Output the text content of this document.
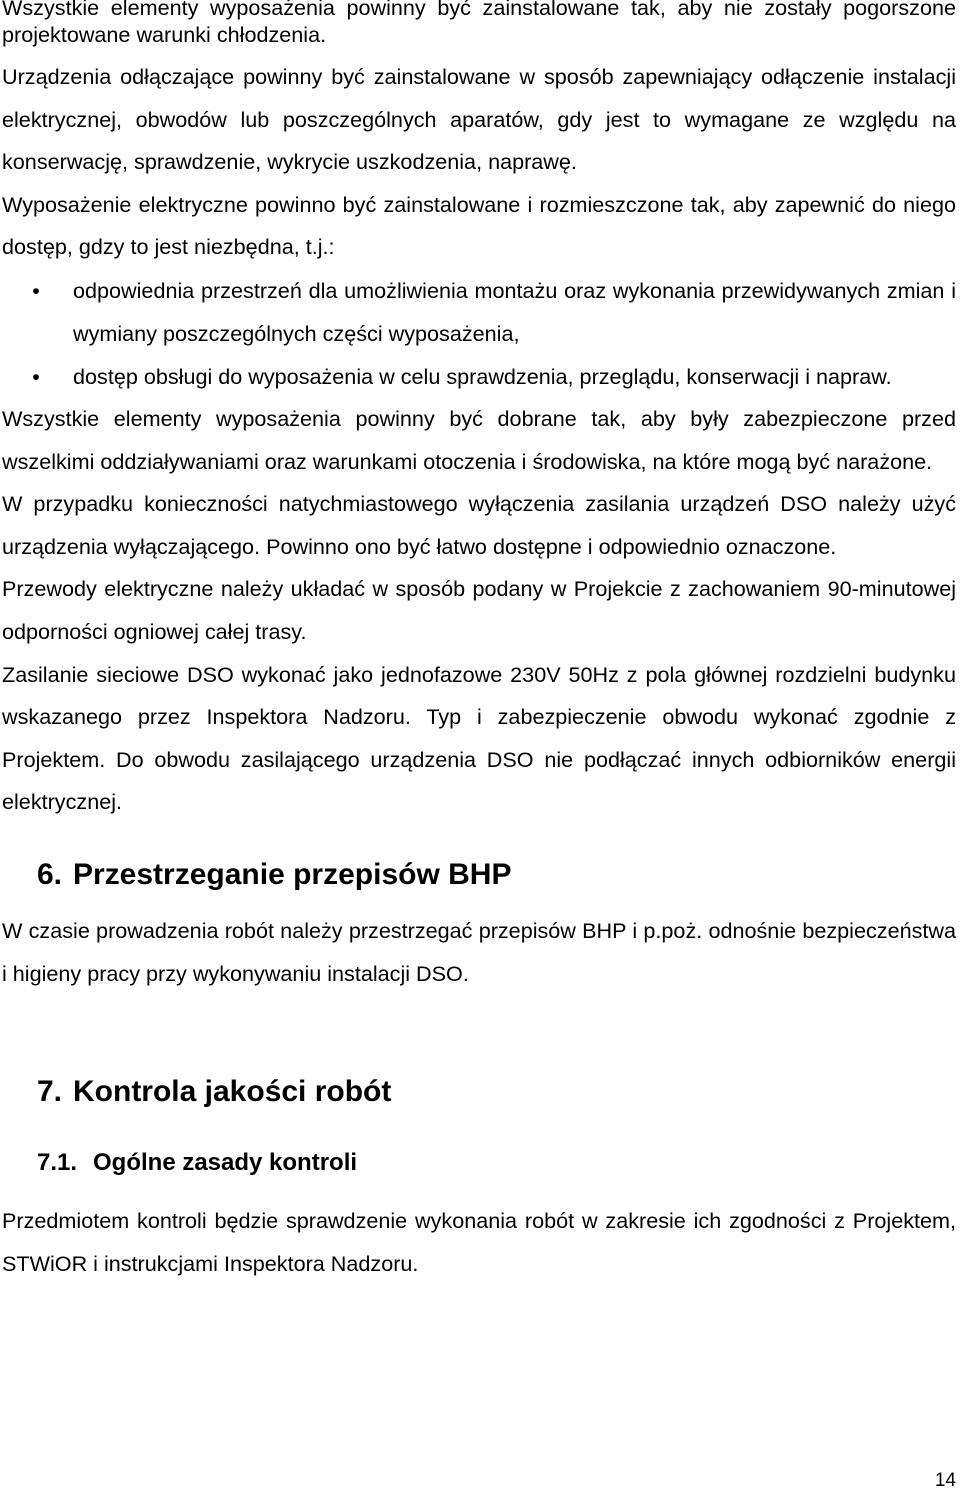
Wszystkie elementy wyposażenia powinny być zainstalowane tak, aby nie zostały pogorszone projektowane warunki chłodzenia.

Urządzenia odłączające powinny być zainstalowane w sposób zapewniający odłączenie instalacji elektrycznej, obwodów lub poszczególnych aparatów, gdy jest to wymagane ze względu na konserwację, sprawdzenie, wykrycie uszkodzenia, naprawę.

Wyposażenie elektryczne powinno być zainstalowane i rozmieszczone tak, aby zapewnić do niego dostęp, gdzy to jest niezbędna, t.j.:

• odpowiednia przestrzeń dla umożliwienia montażu oraz wykonania przewidywanych zmian i wymiany poszczególnych części wyposażenia,
• dostęp obsługi do wyposażenia w celu sprawdzenia, przeglądu, konserwacji i napraw.

Wszystkie elementy wyposażenia powinny być dobrane tak, aby były zabezpieczone przed wszelkimi oddziaływaniami oraz warunkami otoczenia i środowiska, na które mogą być narażone.

W przypadku konieczności natychmiastowego wyłączenia zasilania urządzeń DSO należy użyć urządzenia wyłączającego. Powinno ono być łatwo dostępne i odpowiednio oznaczone.

Przewody elektryczne należy układać w sposób podany w Projekcie z zachowaniem 90-minutowej odporności ogniowej całej trasy.

Zasilanie sieciowe DSO wykonać jako jednofazowe 230V 50Hz z pola głównej rozdzielni budynku wskazanego przez Inspektora Nadzoru. Typ i zabezpieczenie obwodu wykonać zgodnie z Projektem. Do obwodu zasilającego urządzenia DSO nie podłączać innych odbiorników energii elektrycznej.

6. Przestrzeganie przepisów BHP

W czasie prowadzenia robót należy przestrzegać przepisów BHP i p.poż. odnośnie bezpieczeństwa i higieny pracy przy wykonywaniu instalacji DSO.

7. Kontrola jakości robót
7.1. Ogólne zasady kontroli

Przedmiotem kontroli będzie sprawdzenie wykonania robót w zakresie ich zgodności z Projektem, STWiOR i instrukcjami Inspektora Nadzoru.

14
